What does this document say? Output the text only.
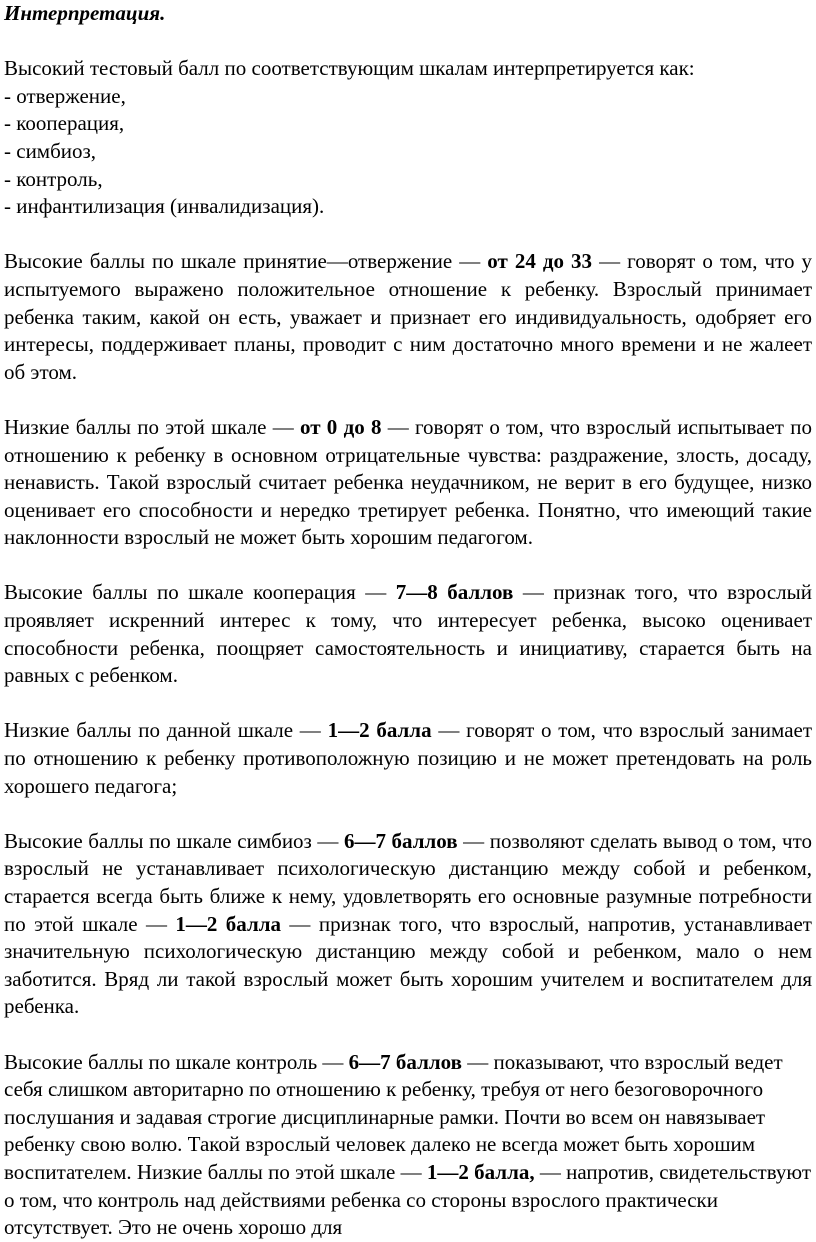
Интерпретация.

Высокий тестовый балл по соответствующим шкалам интерпретируется как:

- отвержение,
- кооперация,
- симбиоз,
- контроль,
- инфантилизация (инвалидизация).

Высокие баллы по шкале принятие—отвержение — от 24 до 33 — говорят о том, что у испытуемого выражено положительное отношение к ребенку. Взрослый принимает ребенка таким, какой он есть, уважает и признает его индивидуальность, одобряет его интересы, поддерживает планы, проводит с ним достаточно много времени и не жалеет об этом.

Низкие баллы по этой шкале — от 0 до 8 — говорят о том, что взрослый испытывает по отношению к ребенку в основном отрицательные чувства: раздражение, злость, досаду, ненависть. Такой взрослый считает ребенка неудачником, не верит в его будущее, низко оценивает его способности и нередко третирует ребенка. Понятно, что имеющий такие наклонности взрослый не может быть хорошим педагогом.

Высокие баллы по шкале кооперация — 7—8 баллов — признак того, что взрослый проявляет искренний интерес к тому, что интересует ребенка, высоко оценивает способности ребенка, поощряет самостоятельность и инициативу, старается быть на равных с ребенком.

Низкие баллы по данной шкале — 1—2 балла — говорят о том, что взрослый занимает по отношению к ребенку противоположную позицию и не может претендовать на роль хорошего педагога;

Высокие баллы по шкале симбиоз — 6—7 баллов — позволяют сделать вывод о том, что взрослый не устанавливает психологическую дистанцию между собой и ребенком, старается всегда быть ближе к нему, удовлетворять его основные разумные потребности по этой шкале — 1—2 балла — признак того, что взрослый, напротив, устанавливает значительную психологическую дистанцию между собой и ребенком, мало о нем заботится. Вряд ли такой взрослый может быть хорошим учителем и воспитателем для ребенка.

Высокие баллы по шкале контроль — 6—7 баллов — показывают, что взрослый ведет себя слишком авторитарно по отношению к ребенку, требуя от него безоговорочного послушания и задавая строгие дисциплинарные рамки. Почти во всем он навязывает ребенку свою волю. Такой взрослый человек далеко не всегда может быть хорошим воспитателем. Низкие баллы по этой шкале — 1—2 балла, — напротив, свидетельствуют о том, что контроль над действиями ребенка со стороны взрослого практически отсутствует. Это не очень хорошо для
